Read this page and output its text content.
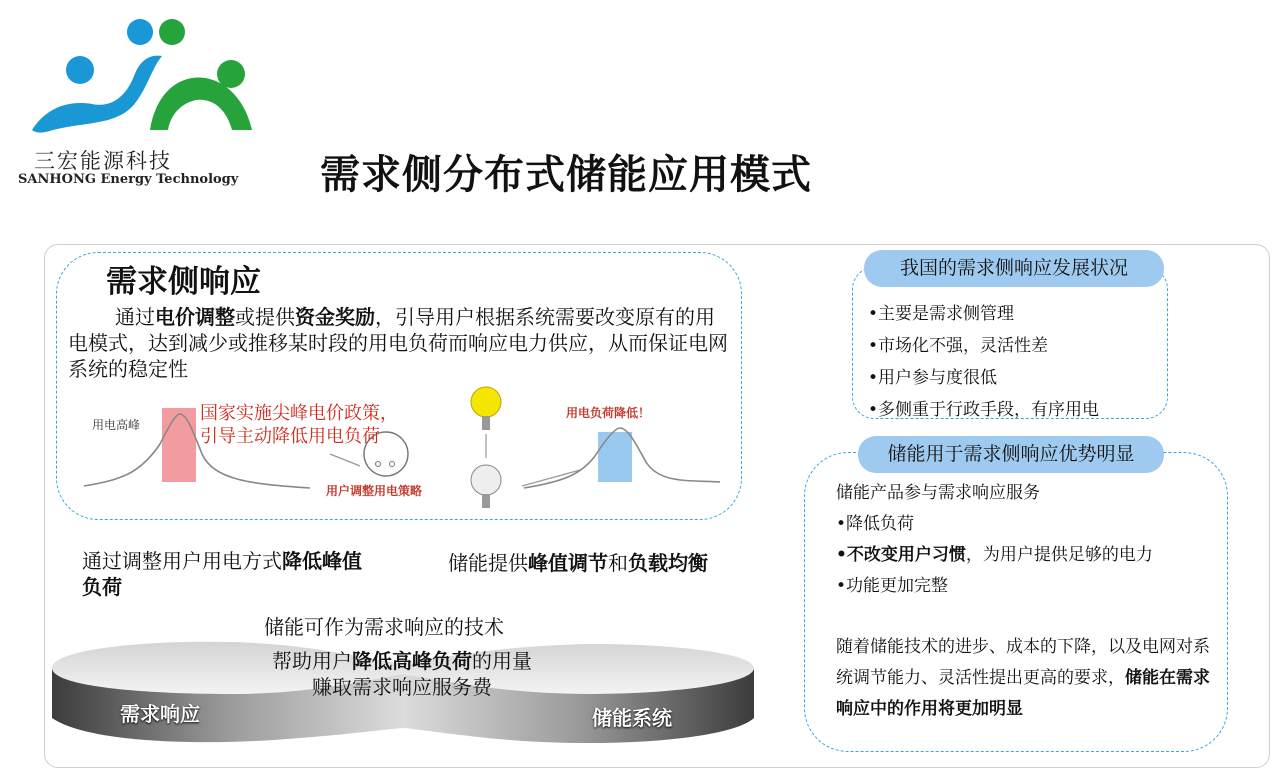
三宏能源科技
SANHONG Energy Technology 需求侧分布式储能应用模式
需求侧响应
通过电价调整或提供资金奖励，引导用户根据系统需要改变原有的用电模式，达到减少或推移某时段的用电负荷而响应电力供应，从而保证电网系统的稳定性
用电高峰
国家实施尖峰电价政策，
引导主动降低用电负荷
用户调整用电策略
用电负荷降低！
通过调整用户用电方式降低峰值负荷
储能提供峰值调节和负载均衡
储能可作为需求响应的技术
帮助用户降低高峰负荷的用量
赚取需求响应服务费
需求响应	储能系统
我国的需求侧响应发展状况
•主要是需求侧管理
•市场化不强，灵活性差
•用户参与度很低
•多侧重于行政手段，有序用电
储能用于需求侧响应优势明显
储能产品参与需求响应服务
•降低负荷
•不改变用户习惯，为用户提供足够的电力
•功能更加完整
随着储能技术的进步、成本的下降，以及电网对系统调节能力、灵活性提出更高的要求，储能在需求响应中的作用将更加明显
